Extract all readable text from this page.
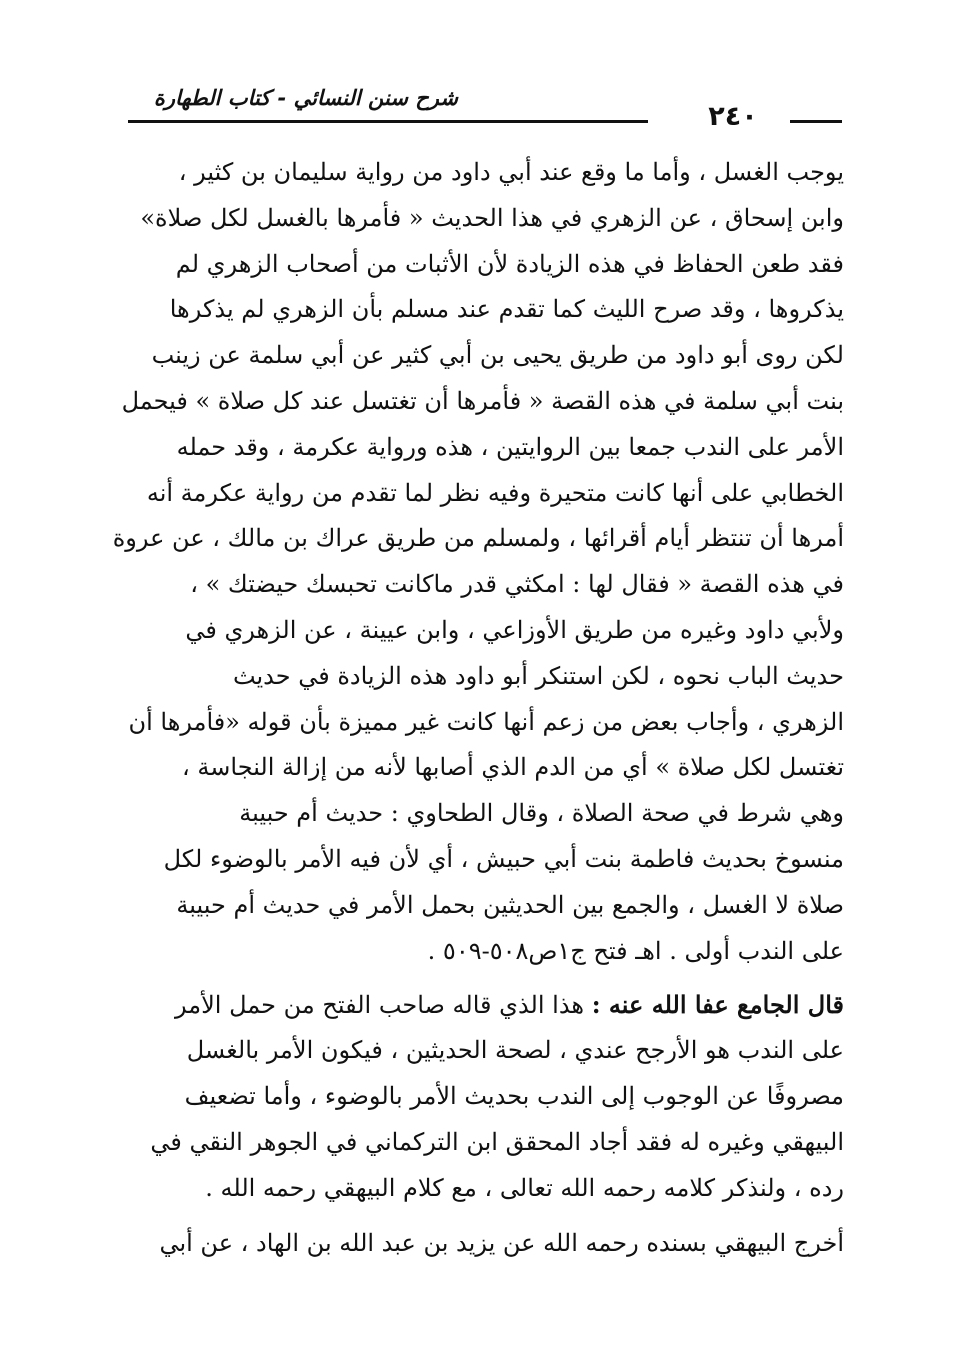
شرح سنن النسائي - كتاب الطهارة
٢٤٠
يوجب الغسل ، وأما ما وقع عند أبي داود من رواية سليمان بن كثير ،
وابن إسحاق ، عن الزهري في هذا الحديث « فأمرها بالغسل لكل صلاة»
فقد طعن الحفاظ في هذه الزيادة لأن الأثبات من أصحاب الزهري لم
يذكروها ، وقد صرح الليث كما تقدم عند مسلم بأن الزهري لم يذكرها
لكن روى أبو داود من طريق يحيى بن أبي كثير عن أبي سلمة عن زينب
بنت أبي سلمة في هذه القصة « فأمرها أن تغتسل عند كل صلاة » فيحمل
الأمر على الندب جمعا بين الروايتين ، هذه ورواية عكرمة ، وقد حمله
الخطابي على أنها كانت متحيرة وفيه نظر لما تقدم من رواية عكرمة أنه
أمرها أن تنتظر أيام أقرائها ، ولمسلم من طريق عراك بن مالك ، عن عروة
في هذه القصة « فقال لها : امكثي قدر ماكانت تحبسك حيضتك » ،
ولأبي داود وغيره من طريق الأوزاعي ، وابن عيينة ، عن الزهري في
حديث الباب نحوه ، لكن استنكر أبو داود هذه الزيادة في حديث
الزهري ، وأجاب بعض من زعم أنها كانت غير مميزة بأن قوله «فأمرها أن
تغتسل لكل صلاة » أي من الدم الذي أصابها لأنه من إزالة النجاسة ،
وهي شرط في صحة الصلاة ، وقال الطحاوي : حديث أم حبيبة
منسوخ بحديث فاطمة بنت أبي حبيش ، أي لأن فيه الأمر بالوضوء لكل
صلاة لا الغسل ، والجمع بين الحديثين بحمل الأمر في حديث أم حبيبة
على الندب أولى . اهـ فتح ج١ص٥٠٨-٥٠٩ .
قال الجامع عفا الله عنه : هذا الذي قاله صاحب الفتح من حمل الأمر
على الندب هو الأرجح عندي ، لصحة الحديثين ، فيكون الأمر بالغسل
مصروفًا عن الوجوب إلى الندب بحديث الأمر بالوضوء ، وأما تضعيف
البيهقي وغيره له فقد أجاد المحقق ابن التركماني في الجوهر النقي في
رده ، ولنذكر كلامه رحمه الله تعالى ، مع كلام البيهقي رحمه الله .
أخرج البيهقي بسنده رحمه الله عن يزيد بن عبد الله بن الهاد ، عن أبي
